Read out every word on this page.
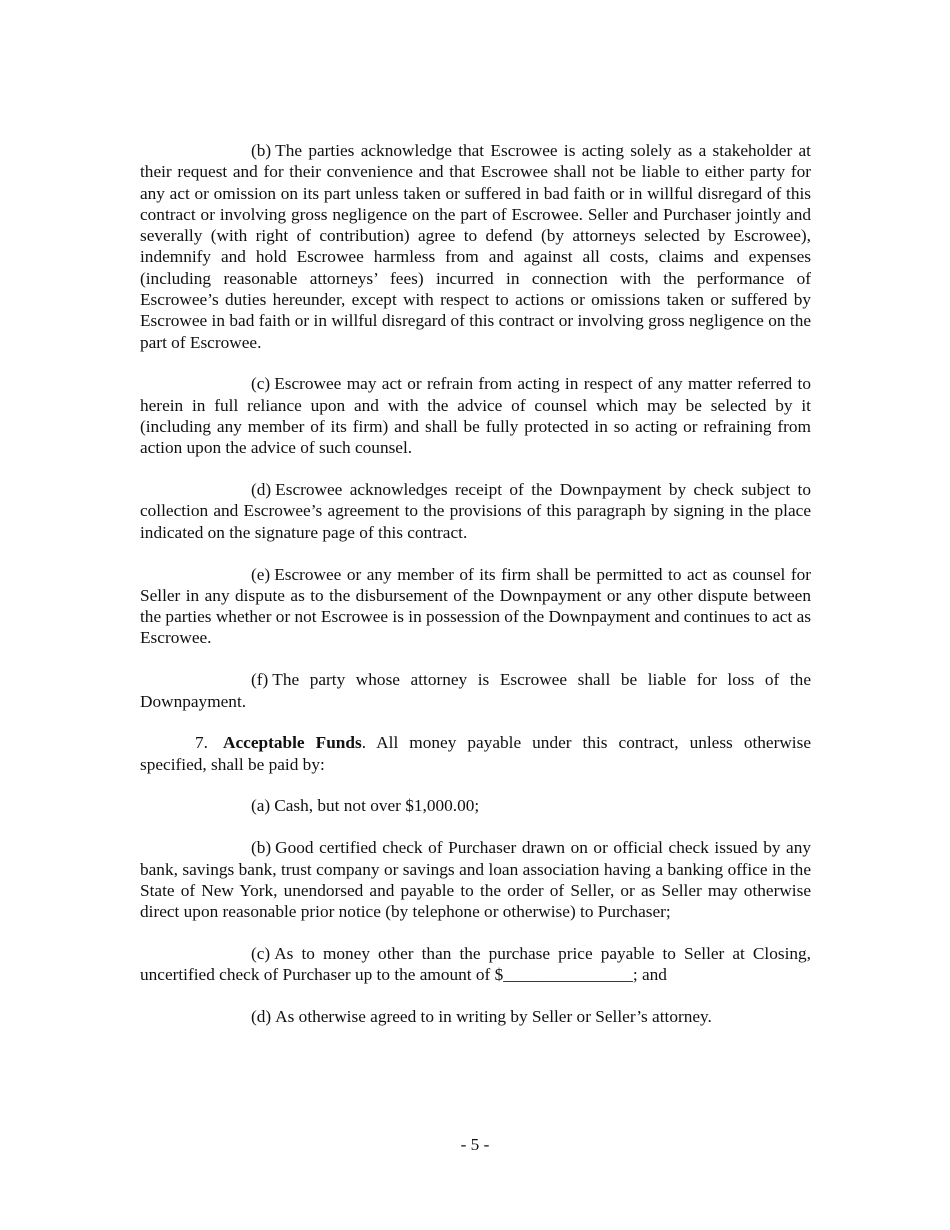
(b) The parties acknowledge that Escrowee is acting solely as a stakeholder at their request and for their convenience and that Escrowee shall not be liable to either party for any act or omission on its part unless taken or suffered in bad faith or in willful disregard of this contract or involving gross negligence on the part of Escrowee. Seller and Purchaser jointly and severally (with right of contribution) agree to defend (by attorneys selected by Escrowee), indemnify and hold Escrowee harmless from and against all costs, claims and expenses (including reasonable attorneys’ fees) incurred in connection with the performance of Escrowee’s duties hereunder, except with respect to actions or omissions taken or suffered by Escrowee in bad faith or in willful disregard of this contract or involving gross negligence on the part of Escrowee.

(c) Escrowee may act or refrain from acting in respect of any matter referred to herein in full reliance upon and with the advice of counsel which may be selected by it (including any member of its firm) and shall be fully protected in so acting or refraining from action upon the advice of such counsel.

(d) Escrowee acknowledges receipt of the Downpayment by check subject to collection and Escrowee’s agreement to the provisions of this paragraph by signing in the place indicated on the signature page of this contract.

(e) Escrowee or any member of its firm shall be permitted to act as counsel for Seller in any dispute as to the disbursement of the Downpayment or any other dispute between the parties whether or not Escrowee is in possession of the Downpayment and continues to act as Escrowee.

(f) The party whose attorney is Escrowee shall be liable for loss of the Downpayment.

7. Acceptable Funds. All money payable under this contract, unless otherwise specified, shall be paid by:

(a) Cash, but not over $1,000.00;

(b) Good certified check of Purchaser drawn on or official check issued by any bank, savings bank, trust company or savings and loan association having a banking office in the State of New York, unendorsed and payable to the order of Seller, or as Seller may otherwise direct upon reasonable prior notice (by telephone or otherwise) to Purchaser;

(c) As to money other than the purchase price payable to Seller at Closing, uncertified check of Purchaser up to the amount of $_______________; and

(d) As otherwise agreed to in writing by Seller or Seller’s attorney.

- 5 -
